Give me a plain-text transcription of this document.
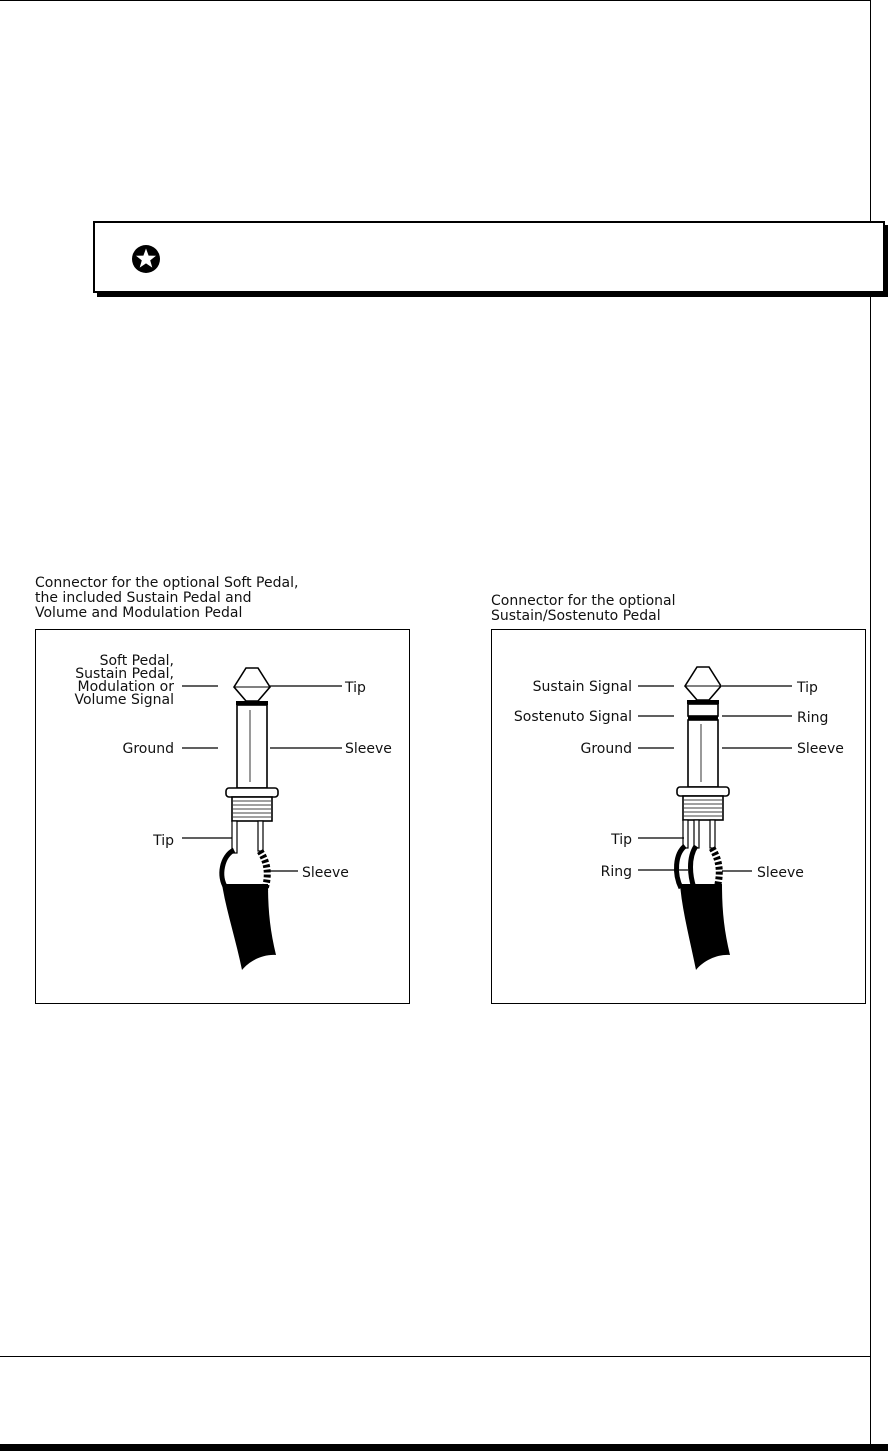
Connector for the optional Soft Pedal,
the included Sustain Pedal and
Volume and Modulation Pedal
Soft Pedal,
Sustain Pedal,
Modulation or
Volume Signal
Ground
Tip
Sleeve
Tip
Sleeve
Connector for the optional
Sustain/Sostenuto Pedal
Sustain Signal
Sostenuto Signal
Ground
Tip
Ring
Sleeve
Tip
Ring	Sleeve
